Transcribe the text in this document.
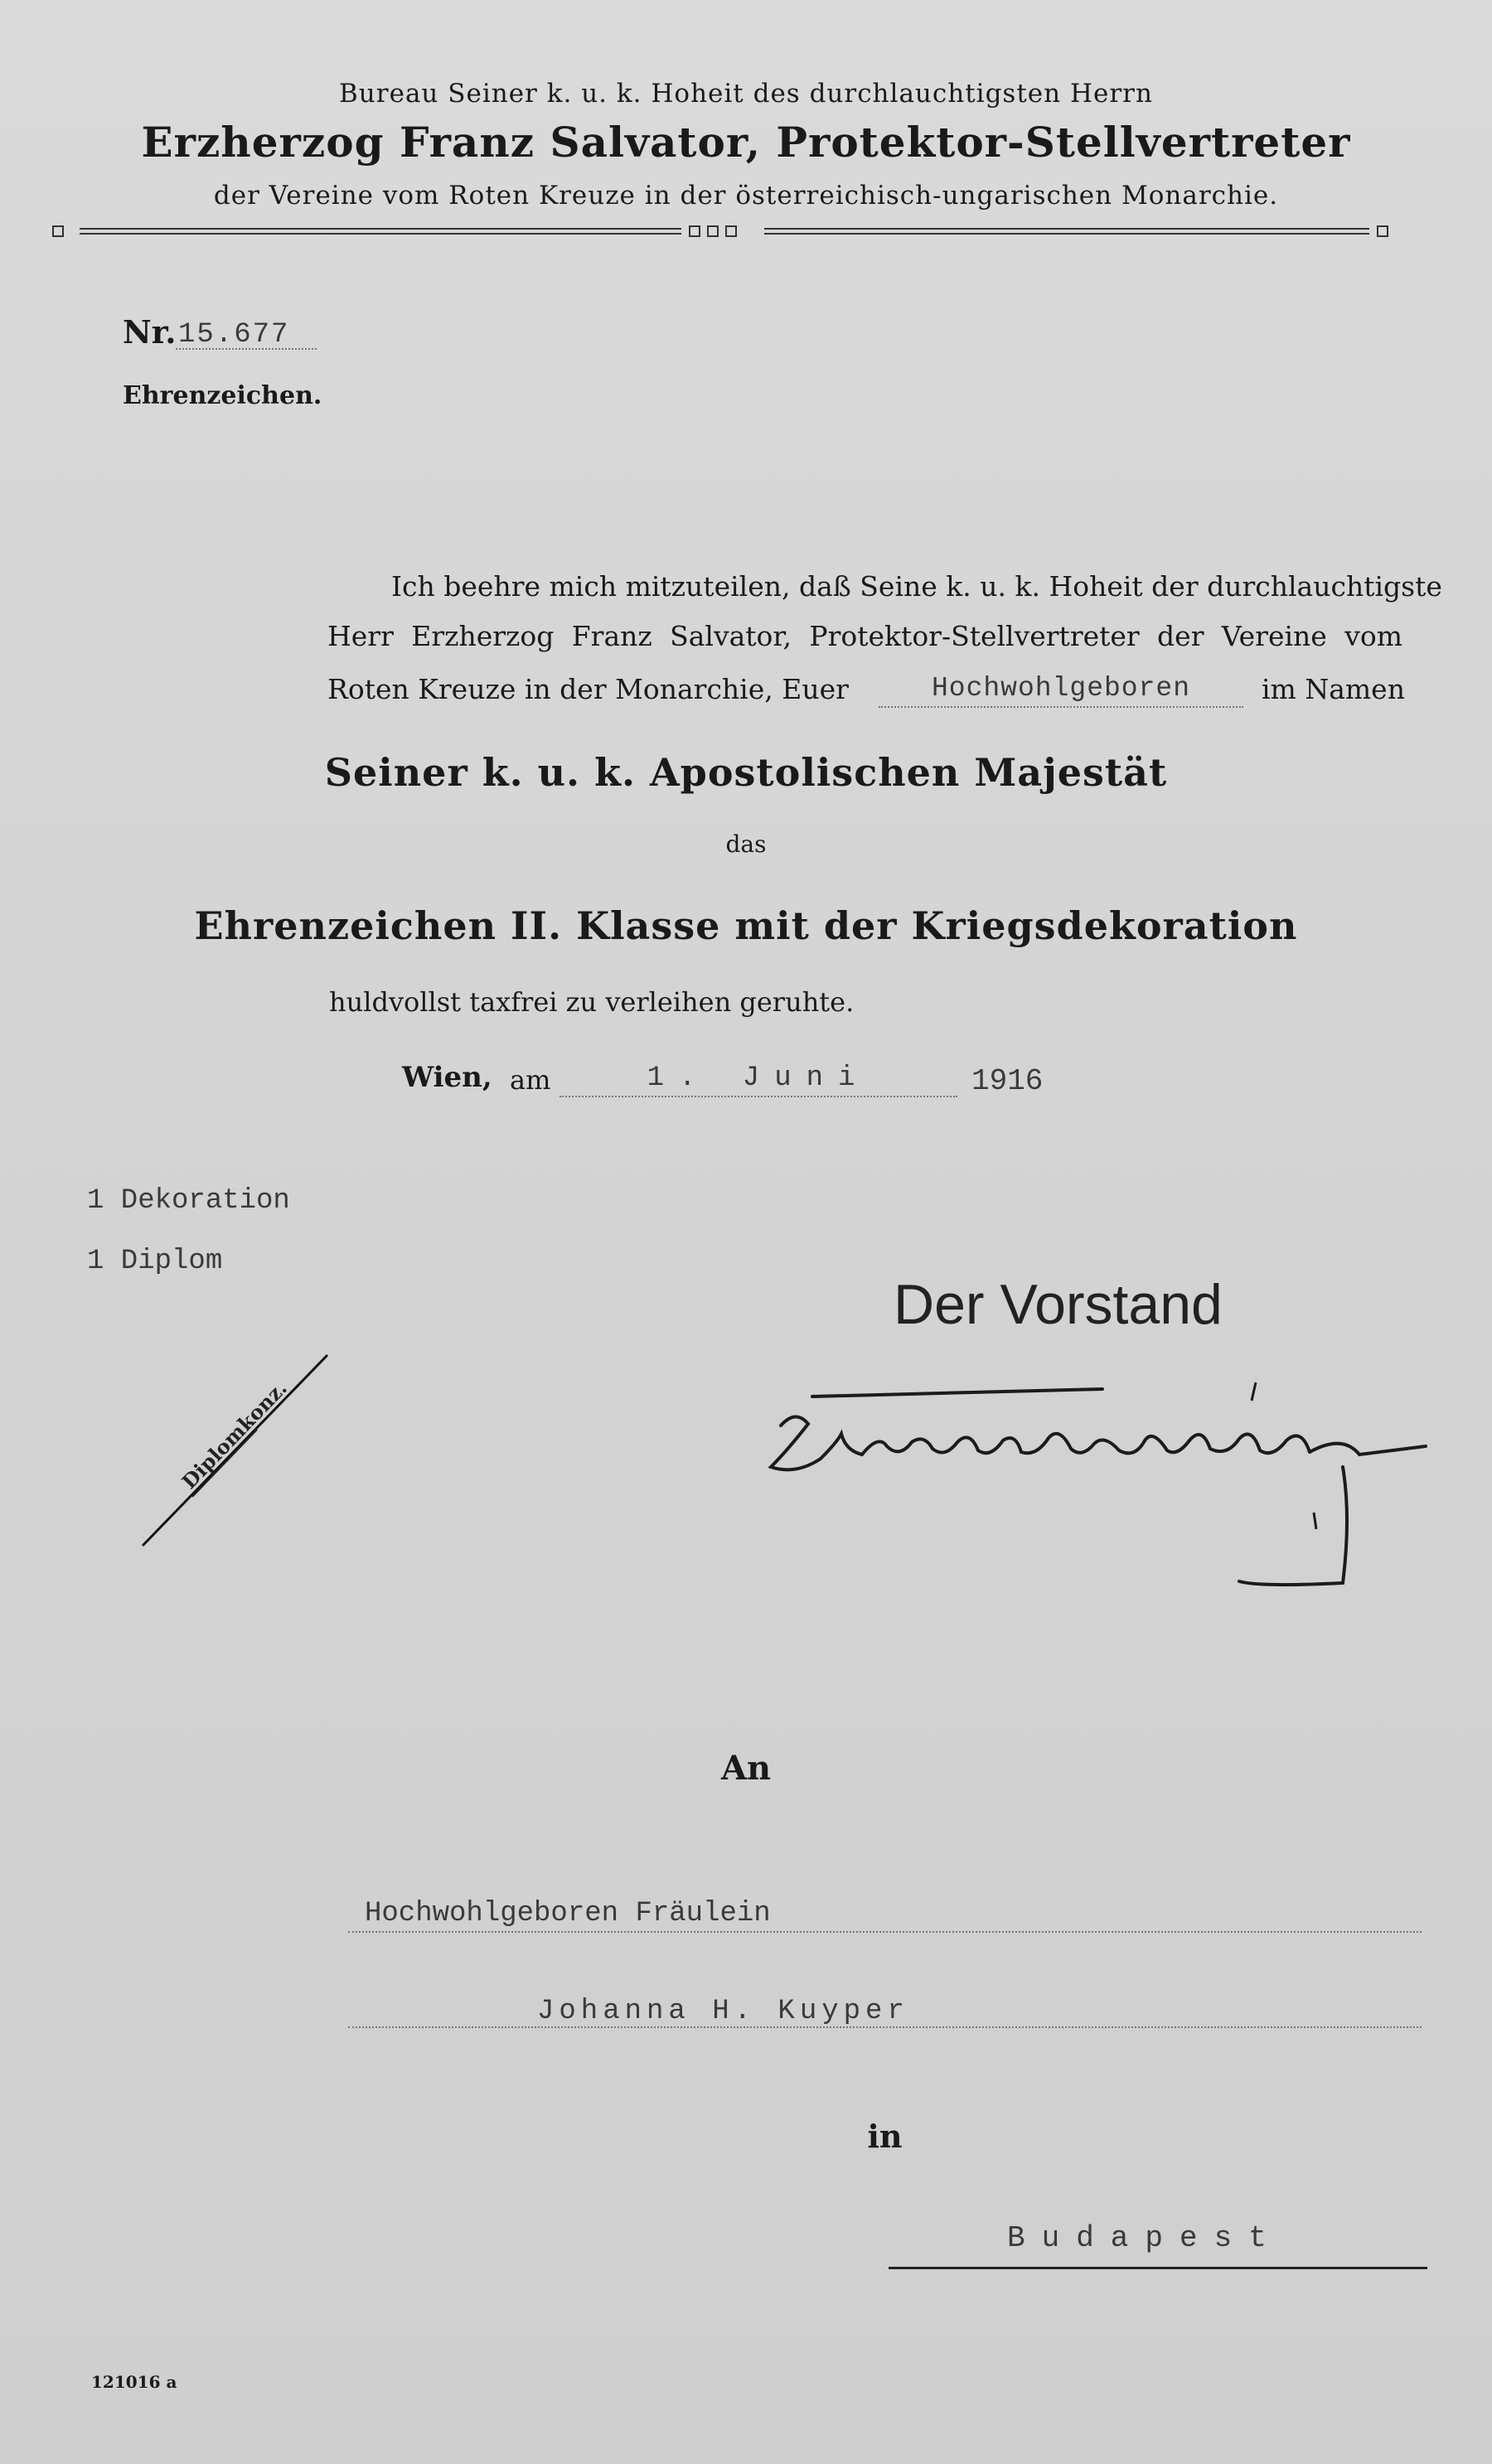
Bureau Seiner k. u. k. Hoheit des durchlauchtigsten Herrn
Erzherzog Franz Salvator, Protektor-Stellvertreter
der Vereine vom Roten Kreuze in der österreichisch-ungarischen Monarchie.
Nr. 15.677
Ehrenzeichen.
Ich beehre mich mitzuteilen, daß Seine k. u. k. Hoheit der durchlauchtigste
Herr Erzherzog Franz Salvator, Protektor-Stellvertreter der Vereine vom
Roten Kreuze in der Monarchie, Euer	Hochwohlgeboren	im Namen
Seiner k. u. k. Apostolischen Majestät
das
Ehrenzeichen II. Klasse mit der Kriegsdekoration
huldvollst taxfrei zu verleihen geruhte.
Wien, am	1. Juni	1916
1 Dekoration
1 Diplom
Diplomkonz.
Der Vorstand
An
Hochwohlgeboren Fräulein
Johanna H. Kuyper
in
Budapest
121016 a
